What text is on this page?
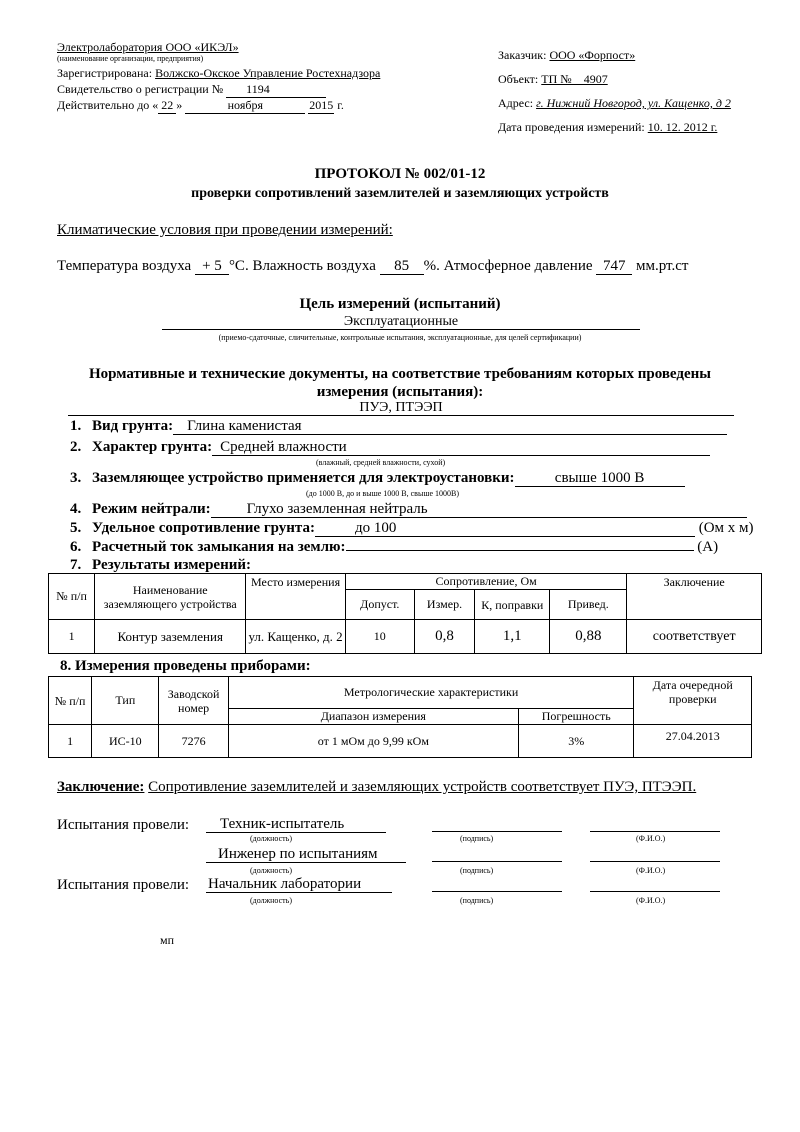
Электролаборатория ООО «ИКЭЛ»
(наименование организации, предприятия)
Зарегистрирована: Волжско-Окское Управление Ростехнадзора
Свидетельство о регистрации № 1194
Действительно до « 22 »	ноября	2015 г.
Заказчик: ООО «Форпост»
Объект: ТП №    4907
Адрес: г. Нижний Новгород, ул. Кащенко, д 2
Дата проведения измерений: 10. 12. 2012 г.
ПРОТОКОЛ № 002/01-12
проверки сопротивлений заземлителей и заземляющих устройств
Климатические условия при проведении измерений:
Температура воздуха + 5 °С. Влажность воздуха 85 %. Атмосферное давление 747 мм.рт.ст
Цель измерений (испытаний)
Эксплуатационные
(приемо-сдаточные, сличительные, контрольные испытания, эксплуатационные, для целей сертификации)
Нормативные и технические документы, на соответствие требованиям которых проведены
измерения (испытания):
ПУЭ, ПТЭЭП
1. Вид грунта: Глина каменистая
2. Характер грунта: Средней влажности
(влажный, средней влажности, сухой)
3. Заземляющее устройство применяется для электроустановки:	свыше 1000 В
(до 1000 В, до и выше 1000 В, свыше 1000В)
4. Режим нейтрали: Глухо заземленная нейтраль
5. Удельное сопротивление грунта:	до 100	(Ом х м)
6. Расчетный ток замыкания на землю:	(А)
7. Результаты измерений:
№ п/п	Наименование заземляющего устройства	Место измерения	Сопротивление, Ом				Заключение
			Допуст.	Измер.	К, поправки	Привед.	
1	Контур заземления	ул. Кащенко, д. 2	10	0,8	1,1	0,88	соответствует
8. Измерения проведены приборами:
№ п/п	Тип	Заводской номер	Метрологические характеристики		Дата очередной проверки
			Диапазон измерения	Погрешность	
1	ИС-10	7276	от 1 мОм до 9,99 кОм	3%	27.04.2013
Заключение: Сопротивление заземлителей и заземляющих устройств соответствует ПУЭ, ПТЭЭП.
Испытания провели:	Техник-испытатель
(должность)	(подпись)	(Ф.И.О.)
Инженер по испытаниям
(должность)	(подпись)	(Ф.И.О.)
Испытания провели: Начальник лаборатории
(должность)	(подпись)	(Ф.И.О.)
мп
